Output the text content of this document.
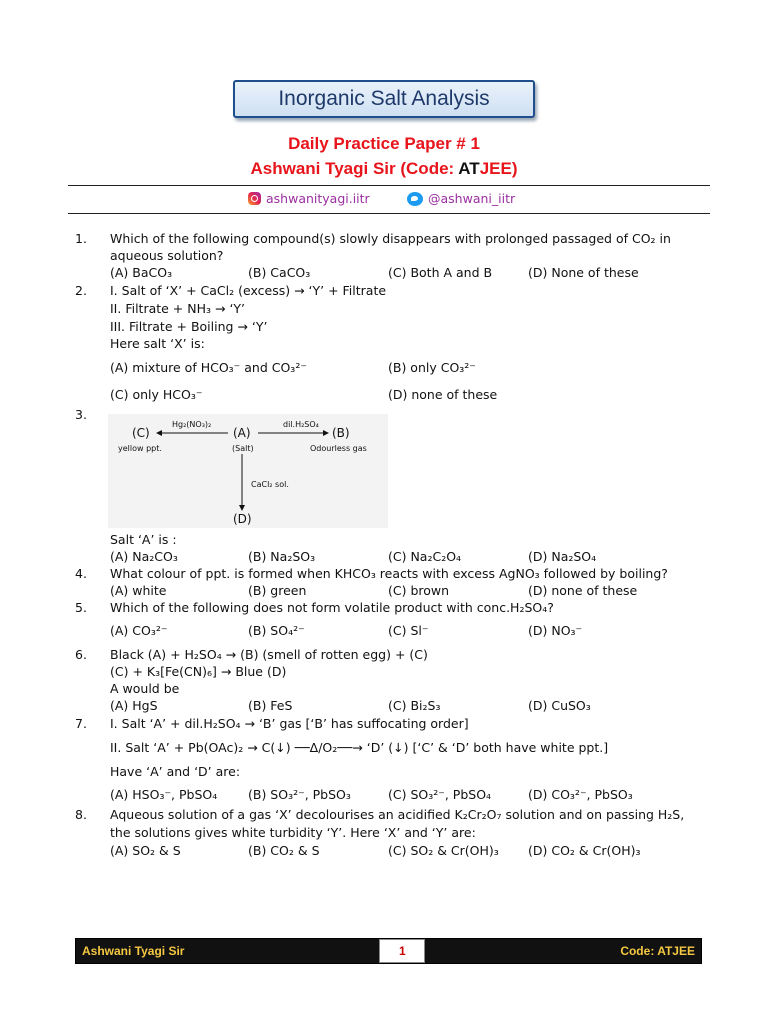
Inorganic Salt Analysis
Daily Practice Paper # 1
Ashwani Tyagi Sir (Code: ATJEE)
ashwanityagi.iitr	@ashwani_iitr
1. Which of the following compound(s) slowly disappears with prolonged passaged of CO₂ in
aqueous solution?
(A) BaCO₃	(B) CaCO₃	(C) Both A and B	(D) None of these
2. I. Salt of ‘X’ + CaCl₂ (excess) → ‘Y’ + Filtrate
II. Filtrate + NH₃ → ‘Y’
III. Filtrate + Boiling → ‘Y’
Here salt ‘X’ is:
(A) mixture of HCO₃⁻ and CO₃²⁻	(B) only CO₃²⁻
(C) only HCO₃⁻	(D) none of these
3.
(C)	(A)	(B)
Hg₂(NO₃)₂	dil.H₂SO₄
yellow ppt.	(Salt)	Odourless gas
CaCl₂ sol.
(D)
Salt ‘A’ is :
(A) Na₂CO₃	(B) Na₂SO₃	(C) Na₂C₂O₄	(D) Na₂SO₄
4. What colour of ppt. is formed when KHCO₃ reacts with excess AgNO₃ followed by boiling?
(A) white	(B) green	(C) brown	(D) none of these
5. Which of the following does not form volatile product with conc.H₂SO₄?
(A) CO₃²⁻	(B) SO₄²⁻	(C) Sl⁻	(D) NO₃⁻
6. Black (A) + H₂SO₄ → (B) (smell of rotten egg) + (C)
(C) + K₃[Fe(CN)₆] → Blue (D)
A would be
(A) HgS	(B) FeS	(C) Bi₂S₃	(D) CuSO₃
7. I. Salt ‘A’ + dil.H₂SO₄ → ‘B’ gas [‘B’ has suffocating order]
II. Salt ‘A’ + Pb(OAc)₂ → C(↓) ──Δ/O₂──→ ‘D’ (↓) [‘C’ & ‘D’ both have white ppt.]
Have ‘A’ and ‘D’ are:
(A) HSO₃⁻, PbSO₄ (B) SO₃²⁻, PbSO₃	(C) SO₃²⁻, PbSO₄	(D) CO₃²⁻, PbSO₃
8. Aqueous solution of a gas ‘X’ decolourises an acidified K₂Cr₂O₇ solution and on passing H₂S,
the solutions gives white turbidity ‘Y’. Here ‘X’ and ‘Y’ are:
(A) SO₂ & S	(B) CO₂ & S	(C) SO₂ & Cr(OH)₃ (D) CO₂ & Cr(OH)₃
Ashwani Tyagi Sir	1	Code: ATJEE
